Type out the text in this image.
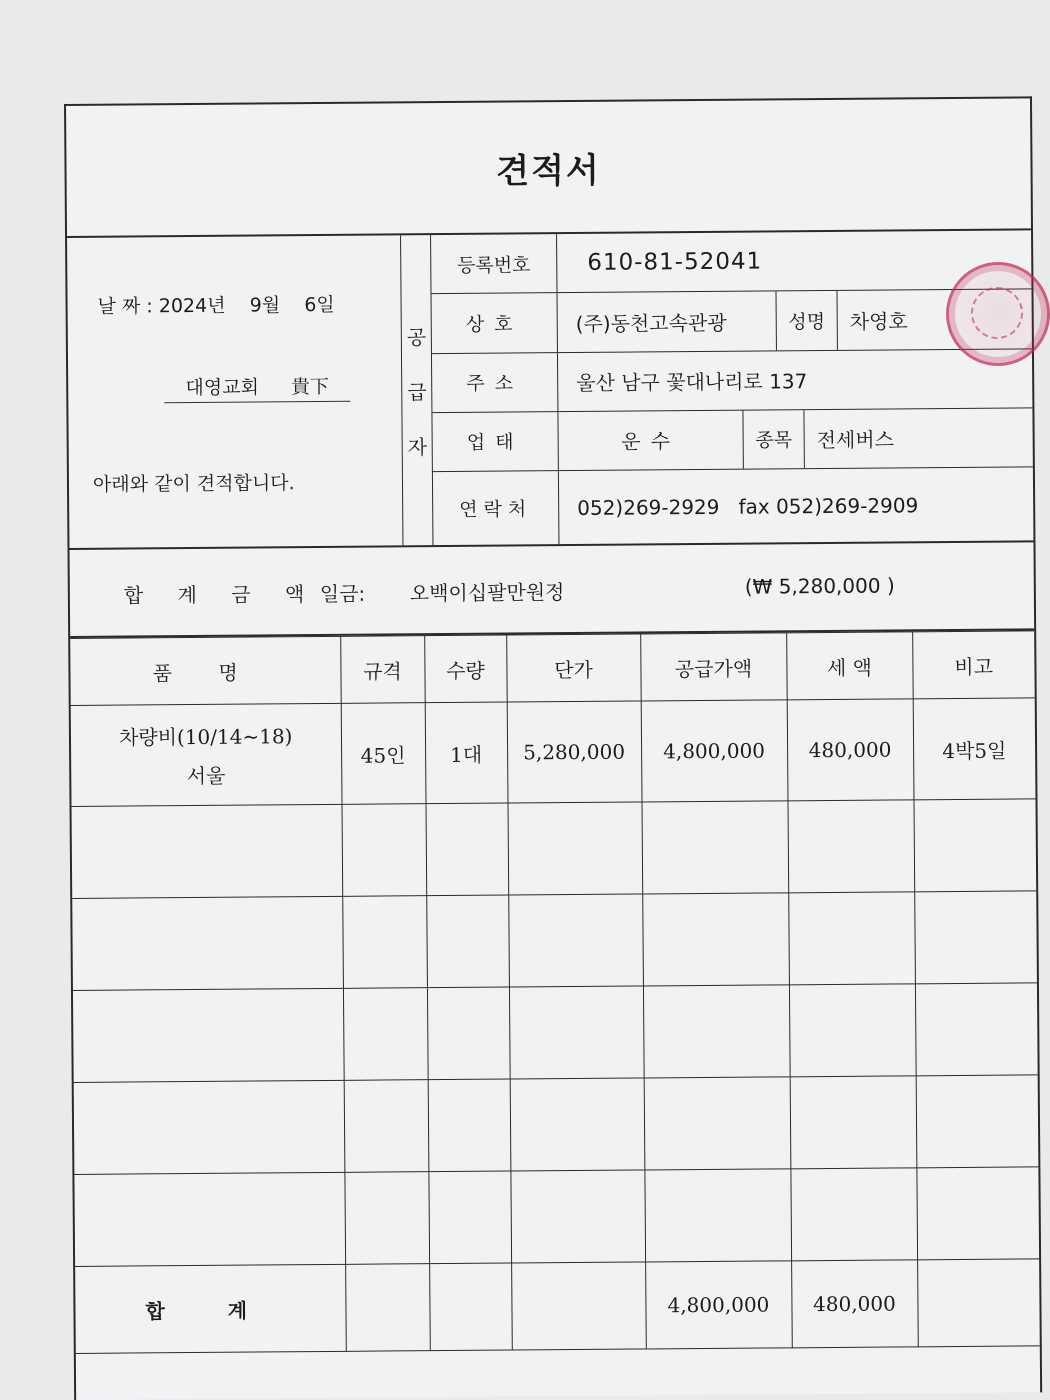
견적서
날 짜 : 2024년    9월    6일
대영교회 貴下
아래와 같이 견적합니다.
공
급
자
등록번호	610-81-52041
상호	(주)동천고속관광	성명	차영호
주소	울산 남구 꽃대나리로 137
업태	운수	종목	전세버스
연락처	052)269-2929   fax 052)269-2909
합 계 금 액 일금: 오백이십팔만원정	(₩ 5,280,000 )
품 명	규격	수량	단가	공급가액	세 액	비고

차량비(10/14~18)
서울	45인	1대	5,280,000	4,800,000	480,000	4박5일

합 계				4,800,000	480,000	
